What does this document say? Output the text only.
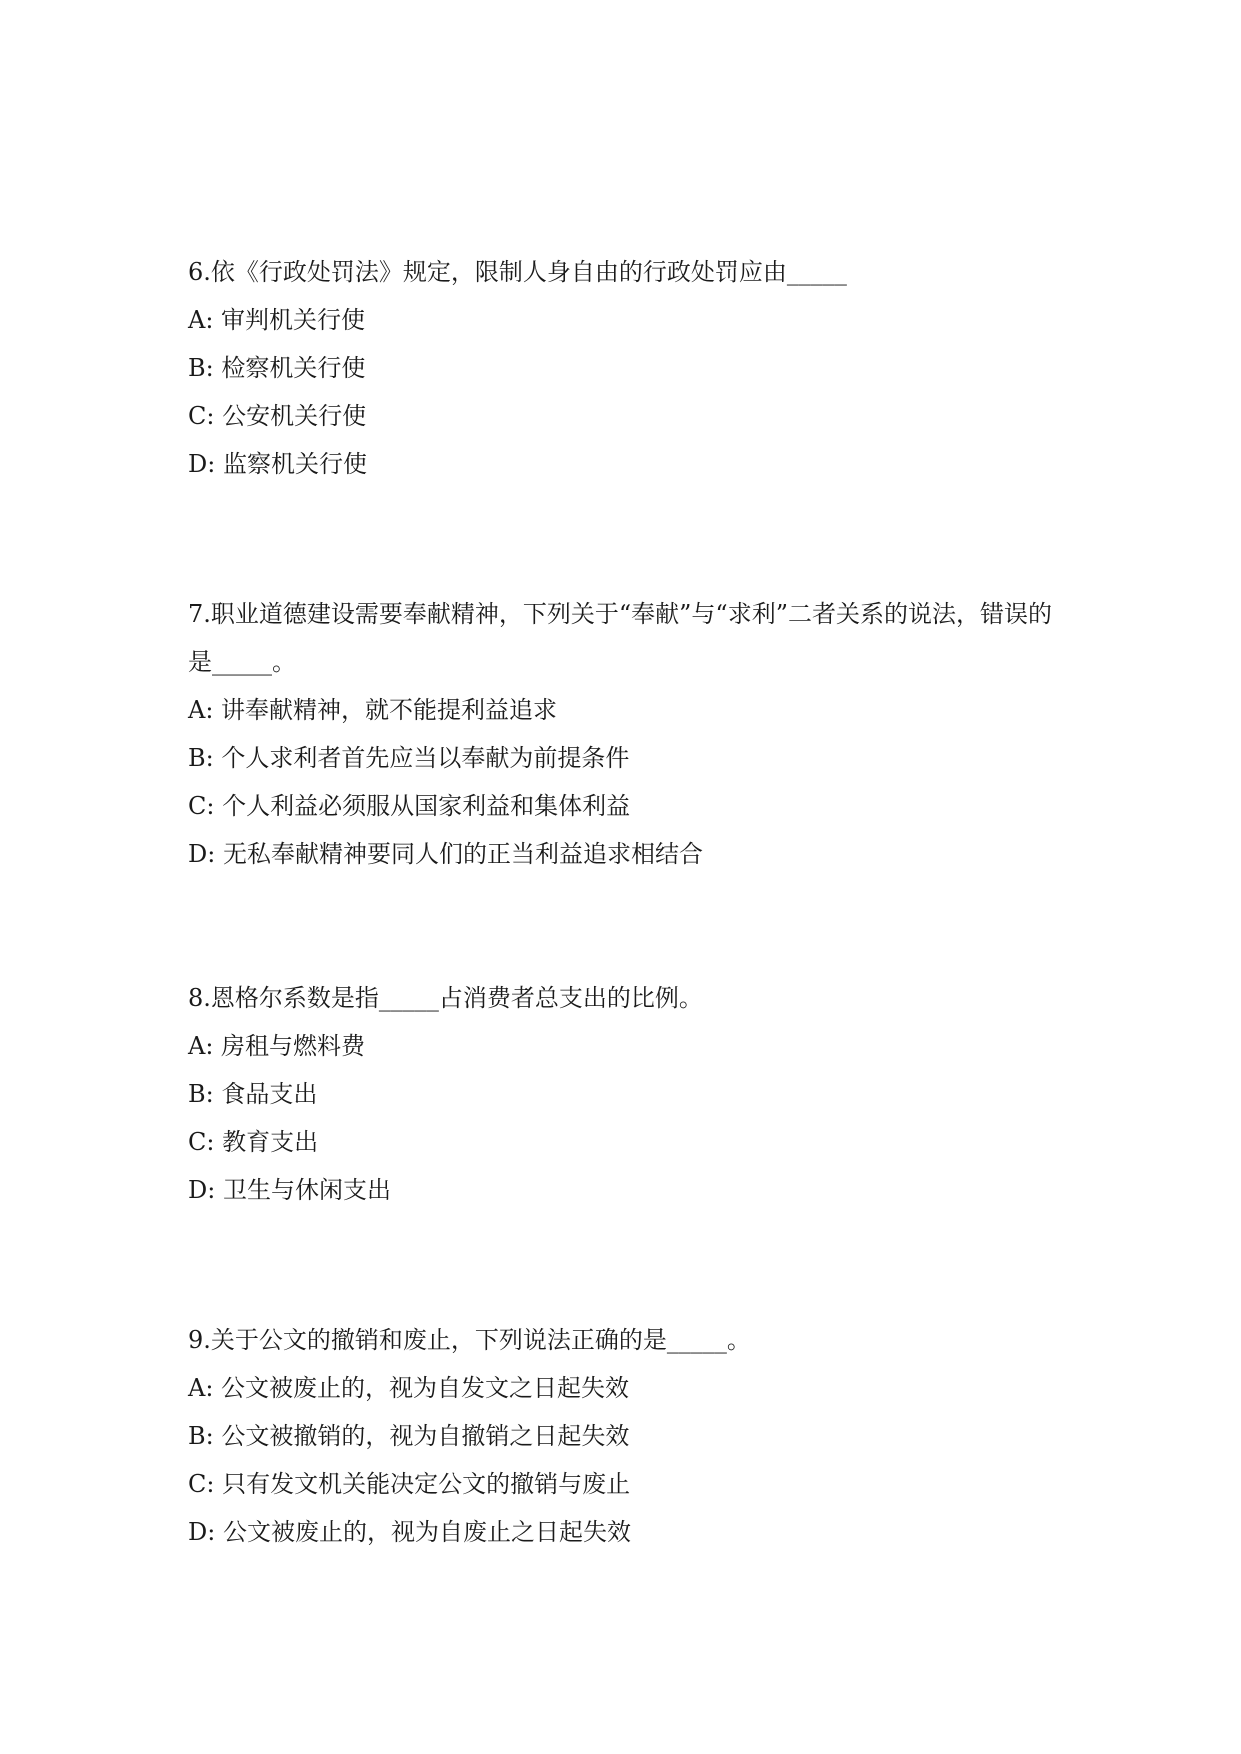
6.依《行政处罚法》规定，限制人身自由的行政处罚应由_____

A: 审判机关行使

B: 检察机关行使

C: 公安机关行使

D: 监察机关行使

7.职业道德建设需要奉献精神，下列关于“奉献”与“求利”二者关系的说法，错误的是_____。

A: 讲奉献精神，就不能提利益追求

B: 个人求利者首先应当以奉献为前提条件

C: 个人利益必须服从国家利益和集体利益

D: 无私奉献精神要同人们的正当利益追求相结合

8.恩格尔系数是指_____占消费者总支出的比例。

A: 房租与燃料费

B: 食品支出

C: 教育支出

D: 卫生与休闲支出

9.关于公文的撤销和废止，下列说法正确的是_____。

A: 公文被废止的，视为自发文之日起失效

B: 公文被撤销的，视为自撤销之日起失效

C: 只有发文机关能决定公文的撤销与废止

D: 公文被废止的，视为自废止之日起失效
